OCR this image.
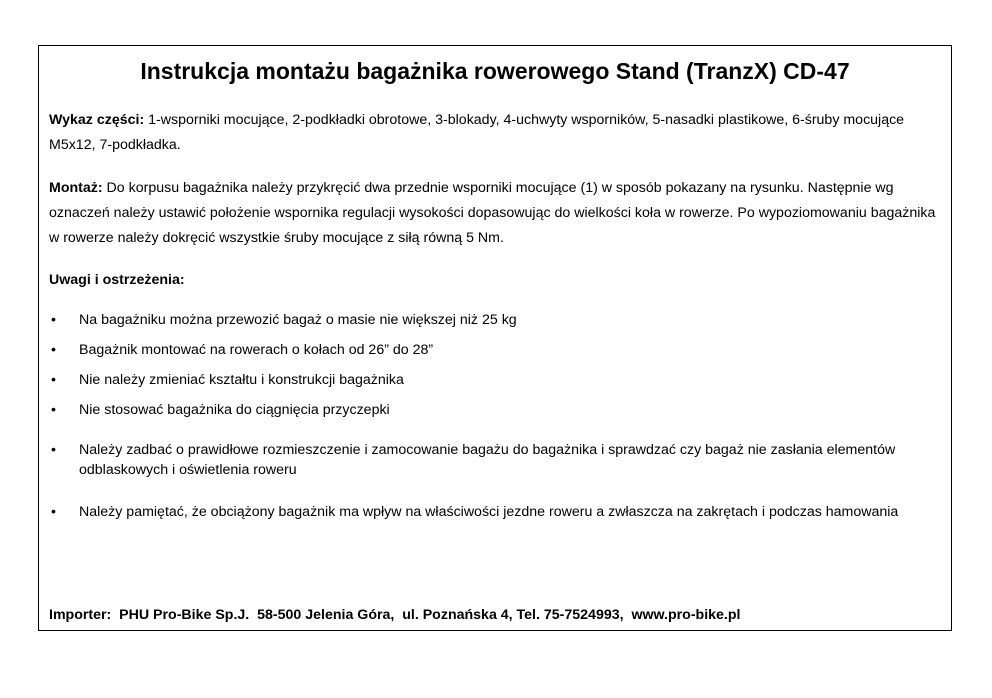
Instrukcja montażu bagażnika rowerowego Stand (TranzX) CD-47
Wykaz części: 1-wsporniki mocujące, 2-podkładki obrotowe, 3-blokady, 4-uchwyty wsporników, 5-nasadki plastikowe, 6-śruby mocujące M5x12, 7-podkładka.
Montaż: Do korpusu bagażnika należy przykręcić dwa przednie wsporniki mocujące (1) w sposób pokazany na rysunku. Następnie wg oznaczeń należy ustawić położenie wspornika regulacji wysokości dopasowując do wielkości koła w rowerze. Po wypoziomowaniu bagażnika w rowerze należy dokręcić wszystkie śruby mocujące z siłą równą 5 Nm.
Uwagi i ostrzeżenia:
• Na bagażniku można przewozić bagaż o masie nie większej niż 25 kg
• Bagażnik montować na rowerach o kołach od 26” do 28”
• Nie należy zmieniać kształtu i konstrukcji bagażnika
• Nie stosować bagażnika do ciągnięcia przyczepki
• Należy zadbać o prawidłowe rozmieszczenie i zamocowanie bagażu do bagażnika i sprawdzać czy bagaż nie zasłania elementów odblaskowych i oświetlenia roweru
• Należy pamiętać, że obciążony bagażnik ma wpływ na właściwości jezdne roweru a zwłaszcza na zakrętach i podczas hamowania
Importer:  PHU Pro-Bike Sp.J.  58-500 Jelenia Góra,  ul. Poznańska 4, Tel. 75-7524993,  www.pro-bike.pl
